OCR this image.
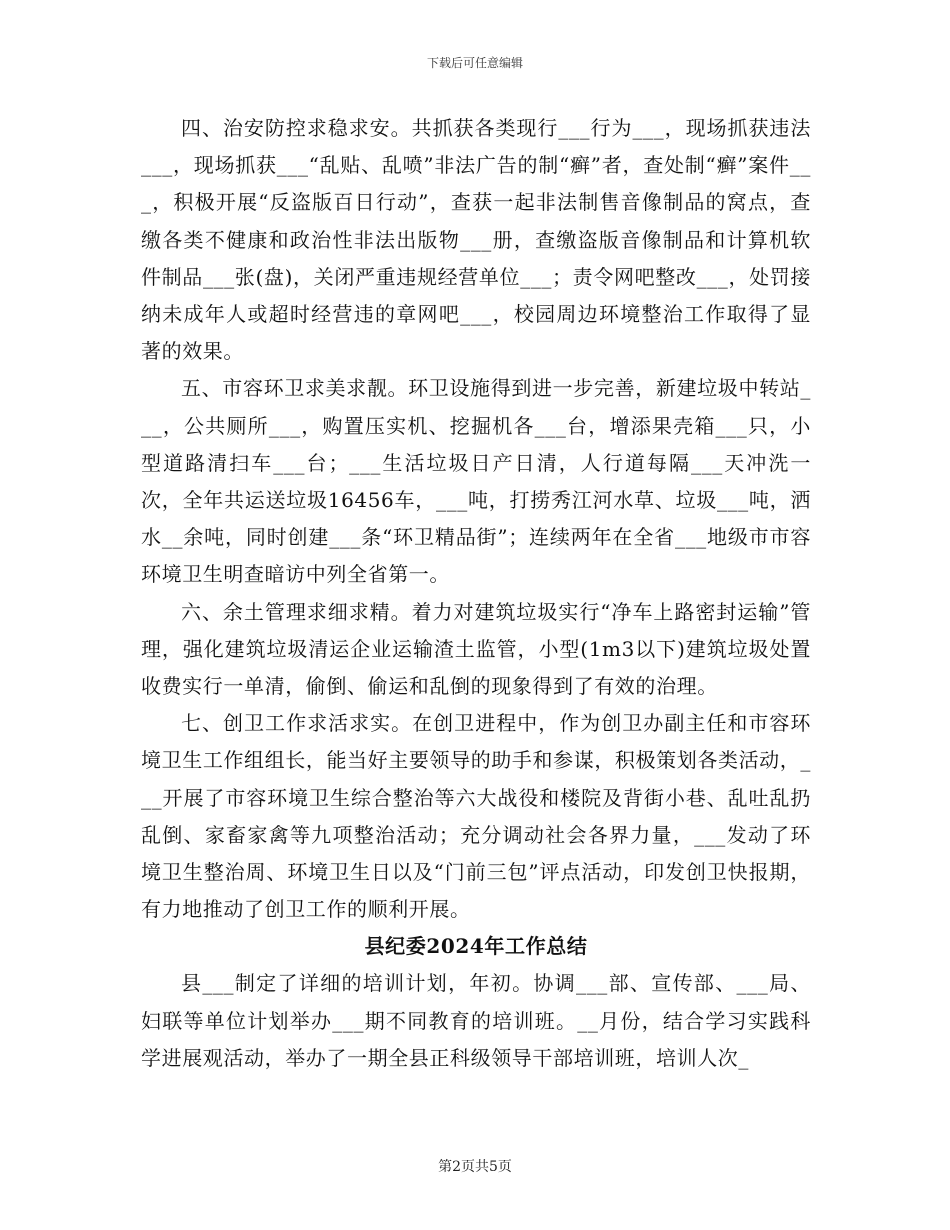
下载后可任意编辑

四、治安防控求稳求安。共抓获各类现行___行为___，现场抓获违法___，现场抓获___“乱贴、乱喷”非法广告的制“癣”者，查处制“癣”案件___，积极开展“反盗版百日行动”，查获一起非法制售音像制品的窝点，查缴各类不健康和政治性非法出版物___册，查缴盗版音像制品和计算机软件制品___张(盘)，关闭严重违规经营单位___；责令网吧整改___，处罚接纳未成年人或超时经营违的章网吧___，校园周边环境整治工作取得了显著的效果。

五、市容环卫求美求靓。环卫设施得到进一步完善，新建垃圾中转站___，公共厕所___，购置压实机、挖掘机各___台，增添果壳箱___只，小型道路清扫车___台；___生活垃圾日产日清，人行道每隔___天冲洗一次，全年共运送垃圾16456车，___吨，打捞秀江河水草、垃圾___吨，洒水__余吨，同时创建___条“环卫精品街”；连续两年在全省___地级市市容环境卫生明查暗访中列全省第一。

六、余土管理求细求精。着力对建筑垃圾实行“净车上路密封运输”管理，强化建筑垃圾清运企业运输渣土监管，小型(1m3以下)建筑垃圾处置收费实行一单清，偷倒、偷运和乱倒的现象得到了有效的治理。

七、创卫工作求活求实。在创卫进程中，作为创卫办副主任和市容环境卫生工作组组长，能当好主要领导的助手和参谋，积极策划各类活动，___开展了市容环境卫生综合整治等六大战役和楼院及背街小巷、乱吐乱扔乱倒、家畜家禽等九项整治活动；充分调动社会各界力量，___发动了环境卫生整治周、环境卫生日以及“门前三包”评点活动，印发创卫快报期，有力地推动了创卫工作的顺利开展。

县纪委2024年工作总结

县___制定了详细的培训计划，年初。协调___部、宣传部、___局、妇联等单位计划举办___期不同教育的培训班。__月份，结合学习实践科学进展观活动，举办了一期全县正科级领导干部培训班，培训人次_

第2页共5页
